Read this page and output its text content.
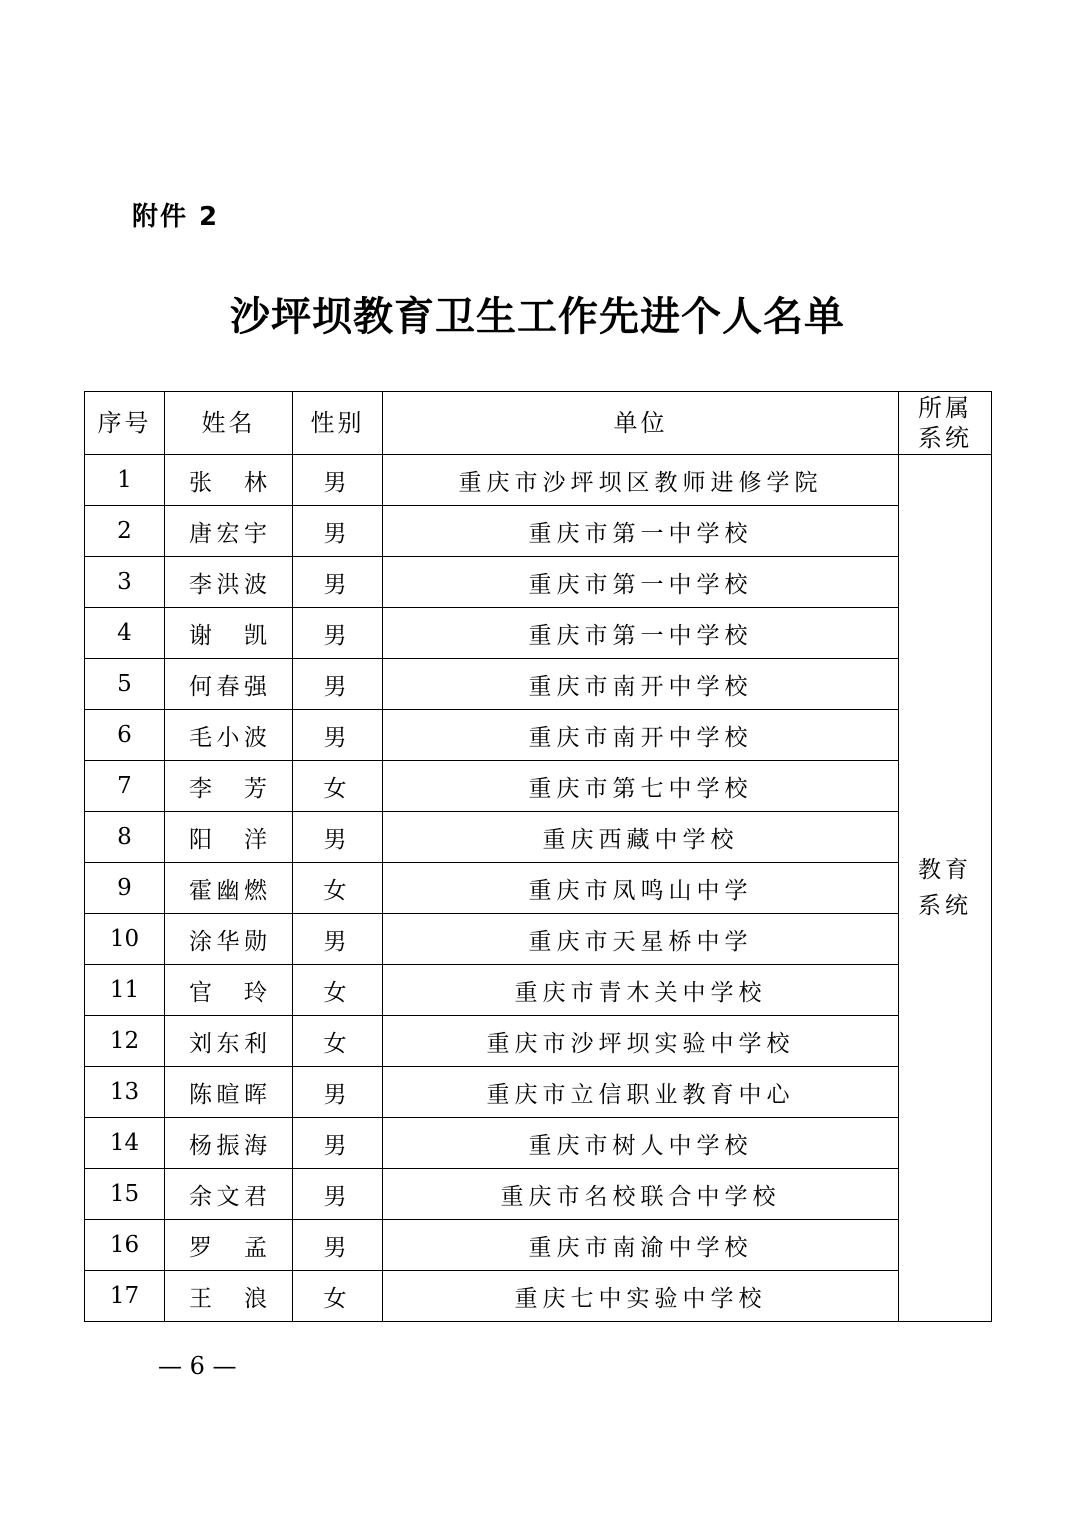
附件 2

沙坪坝教育卫生工作先进个人名单
序号	姓名	性别	单位	所属
系统

1	张林	男	重庆市沙坪坝区教师进修学院	教育
系统

2	唐宏宇	男	重庆市第一中学校	
3	李洪波	男	重庆市第一中学校	
4	谢凯	男	重庆市第一中学校	
5	何春强	男	重庆市南开中学校	
6	毛小波	男	重庆市南开中学校	
7	李芳	女	重庆市第七中学校	
8	阳洋	男	重庆西藏中学校	
9	霍幽燃	女	重庆市凤鸣山中学	
10	涂华勋	男	重庆市天星桥中学	
11	官玲	女	重庆市青木关中学校	
12	刘东利	女	重庆市沙坪坝实验中学校	
13	陈暄晖	男	重庆市立信职业教育中心	
14	杨振海	男	重庆市树人中学校	
15	余文君	男	重庆市名校联合中学校	
16	罗孟	男	重庆市南渝中学校	
17	王浪	女	重庆七中实验中学校	

— 6 —
